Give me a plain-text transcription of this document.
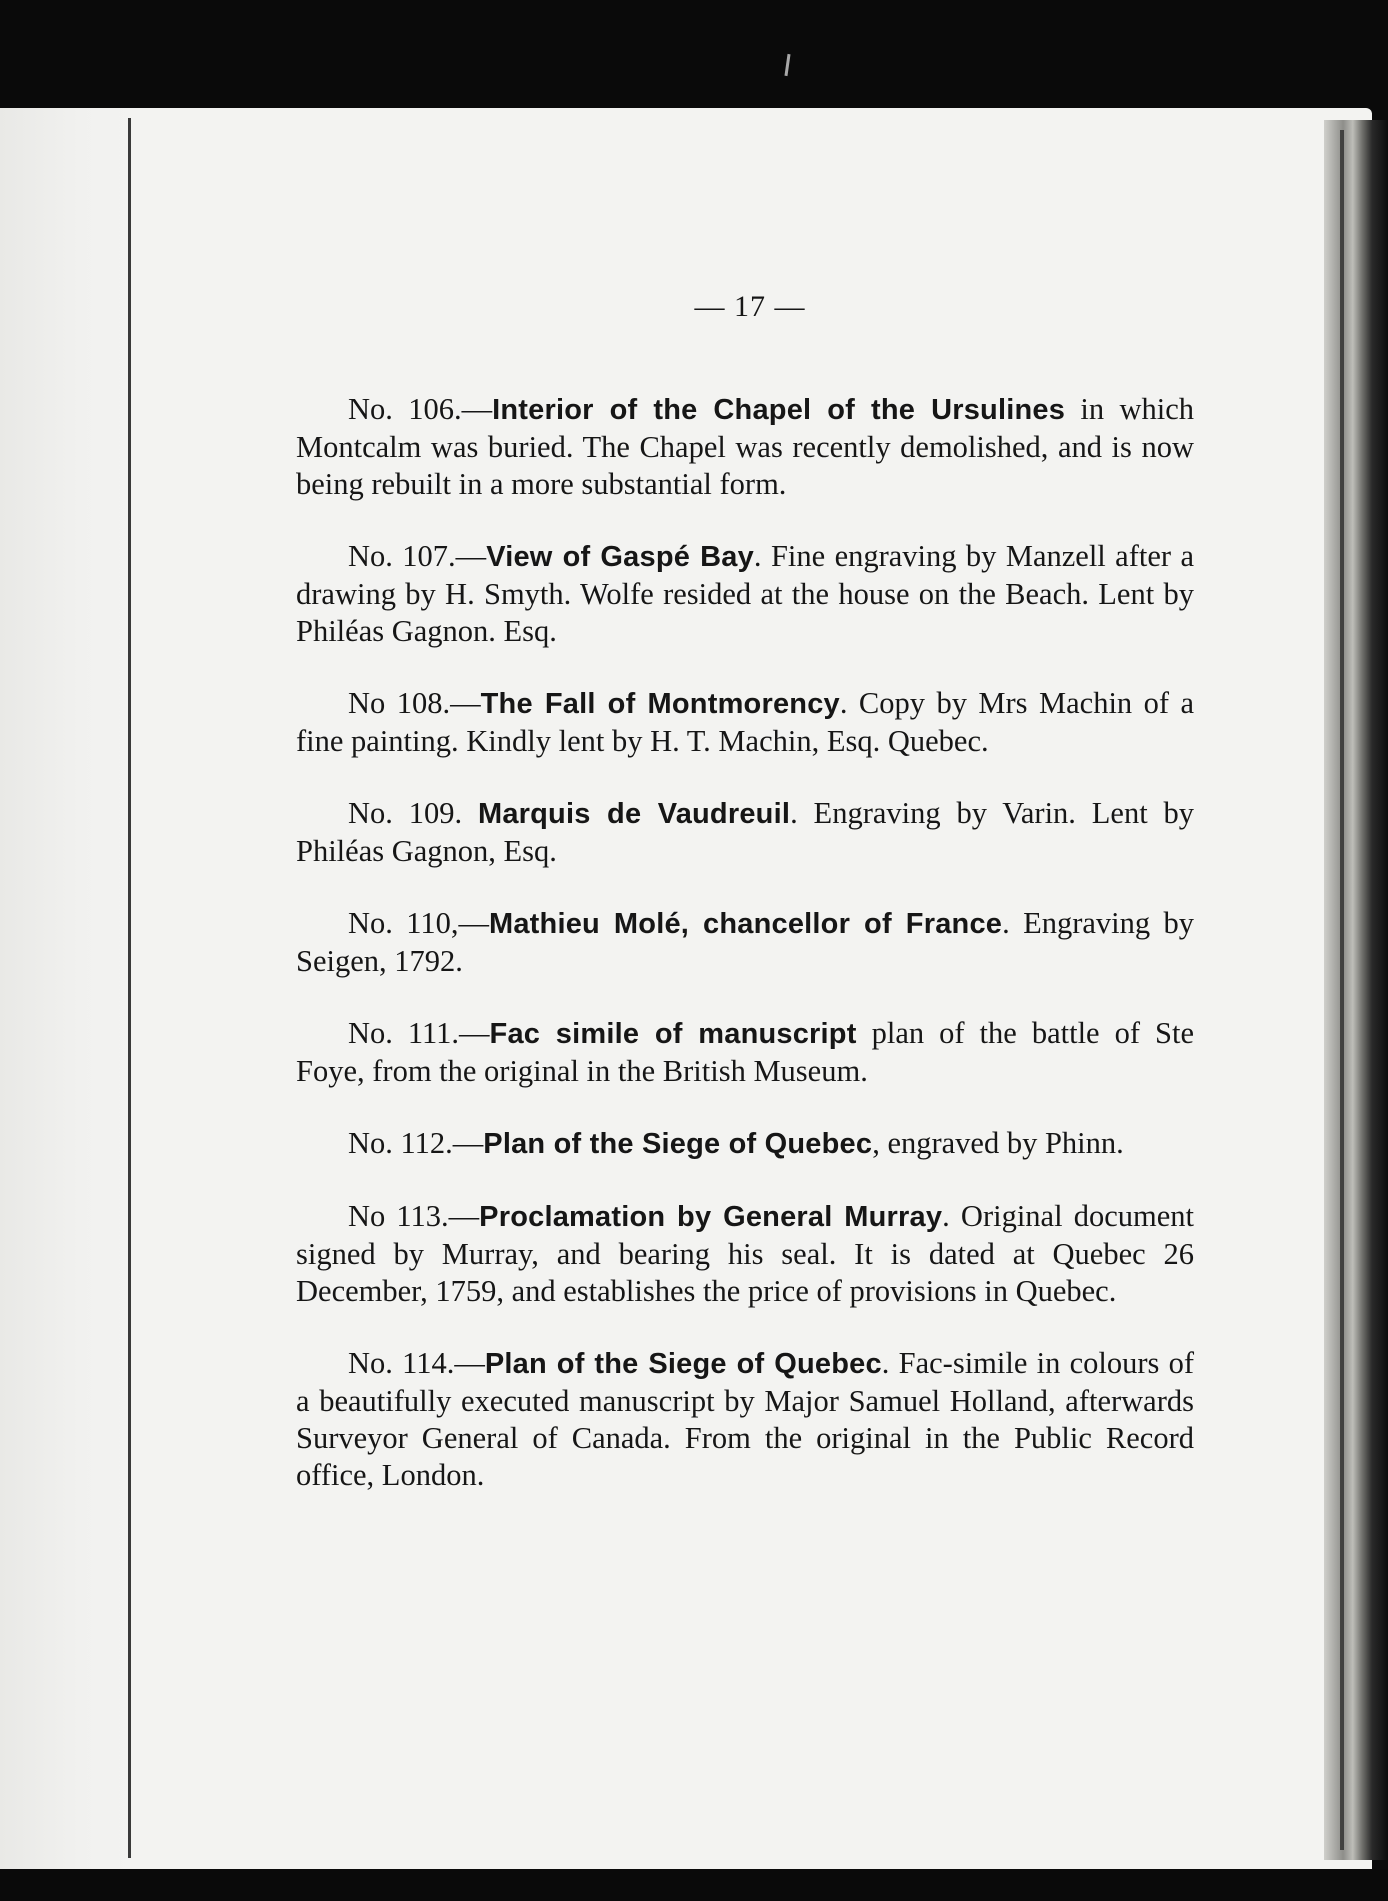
— 17 —

No. 106.—Interior of the Chapel of the Ursulines in which Montcalm was buried. The Chapel was recently demolished, and is now being rebuilt in a more substantial form.

No. 107.—View of Gaspé Bay. Fine engraving by Manzell after a drawing by H. Smyth. Wolfe resided at the house on the Beach. Lent by Philéas Gagnon. Esq.

No 108.—The Fall of Montmorency. Copy by Mrs Machin of a fine painting. Kindly lent by H. T. Machin, Esq. Quebec.

No. 109. Marquis de Vaudreuil. Engraving by Varin. Lent by Philéas Gagnon, Esq.

No. 110,—Mathieu Molé, chancellor of France. Engraving by Seigen, 1792.

No. 111.—Fac simile of manuscript plan of the battle of Ste Foye, from the original in the British Museum.

No. 112.—Plan of the Siege of Quebec, engraved by Phinn.

No 113.—Proclamation by General Murray. Original document signed by Murray, and bearing his seal. It is dated at Quebec 26 December, 1759, and establishes the price of provisions in Quebec.

No. 114.—Plan of the Siege of Quebec. Fac-simile in colours of a beautifully executed manuscript by Major Samuel Holland, afterwards Surveyor General of Canada. From the original in the Public Record office, London.
